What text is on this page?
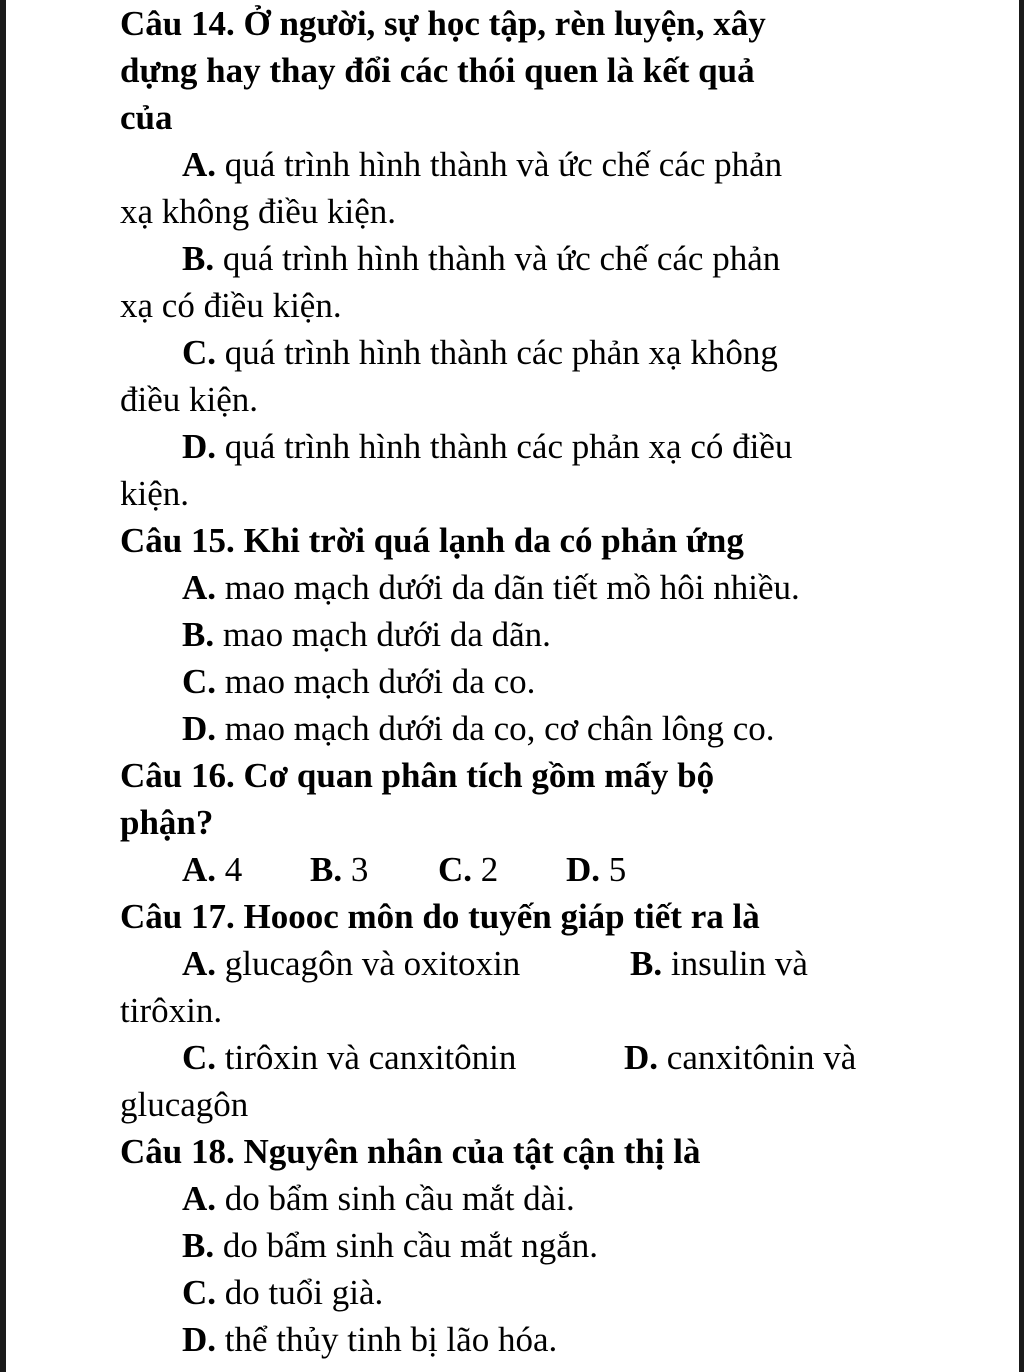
Câu 14. Ở người, sự học tập, rèn luyện, xây
dựng hay thay đổi các thói quen là kết quả
của
A. quá trình hình thành và ức chế các phản
xạ không điều kiện.
B. quá trình hình thành và ức chế các phản
xạ có điều kiện.
C. quá trình hình thành các phản xạ không
điều kiện.
D. quá trình hình thành các phản xạ có điều
kiện.
Câu 15. Khi trời quá lạnh da có phản ứng
A. mao mạch dưới da dãn tiết mồ hôi nhiều.
B. mao mạch dưới da dãn.
C. mao mạch dưới da co.
D. mao mạch dưới da co, cơ chân lông co.
Câu 16. Cơ quan phân tích gồm mấy bộ
phận?
A. 4	B. 3	C. 2	D. 5
Câu 17. Hoooc môn do tuyến giáp tiết ra là
A. glucagôn và oxitoxin	B. insulin và
tirôxin.
C. tirôxin và canxitônin	D. canxitônin và
glucagôn
Câu 18. Nguyên nhân của tật cận thị là
A. do bẩm sinh cầu mắt dài.
B. do bẩm sinh cầu mắt ngắn.
C. do tuổi già.
D. thể thủy tinh bị lão hóa.
